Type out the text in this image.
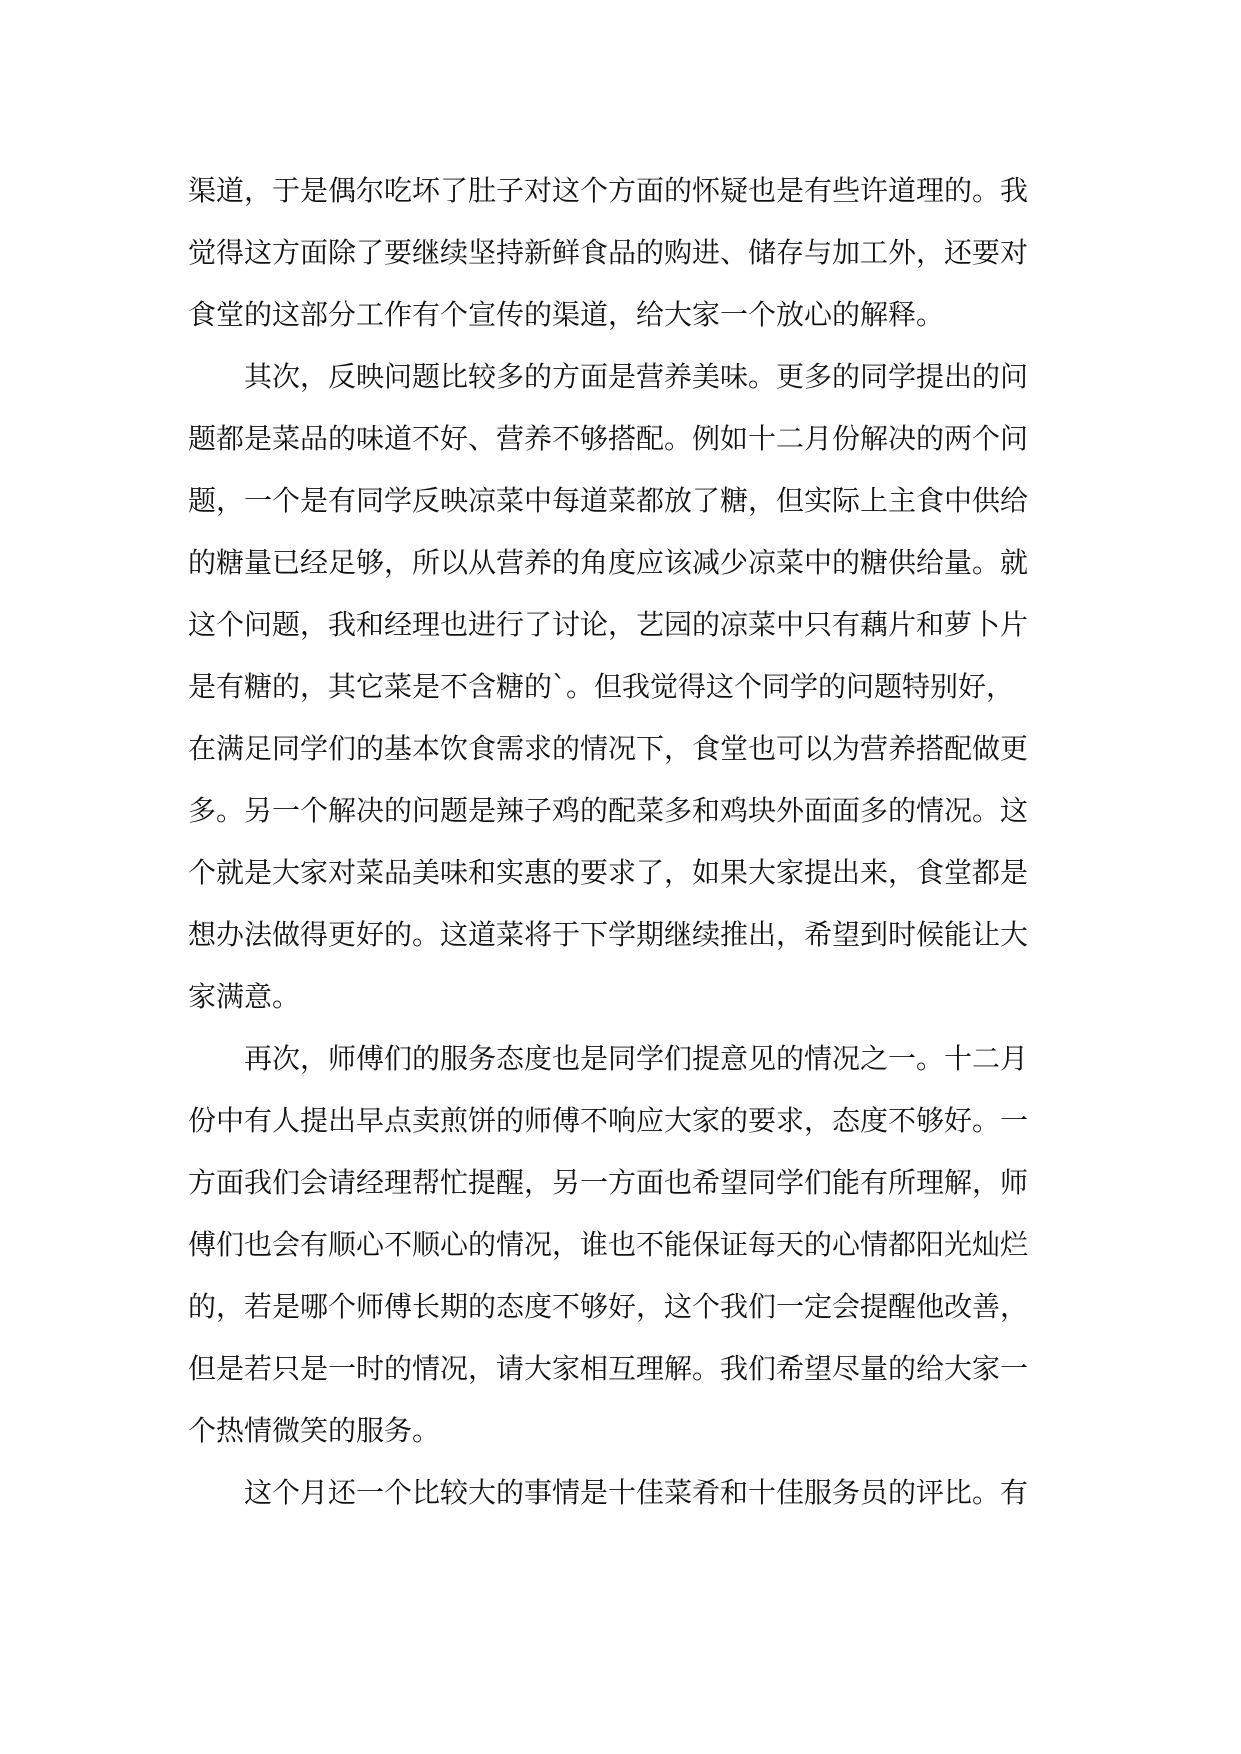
渠道，于是偶尔吃坏了肚子对这个方面的怀疑也是有些许道理的。我
觉得这方面除了要继续坚持新鲜食品的购进、储存与加工外，还要对
食堂的这部分工作有个宣传的渠道，给大家一个放心的解释。
　　其次，反映问题比较多的方面是营养美味。更多的同学提出的问
题都是菜品的味道不好、营养不够搭配。例如十二月份解决的两个问
题，一个是有同学反映凉菜中每道菜都放了糖，但实际上主食中供给
的糖量已经足够，所以从营养的角度应该减少凉菜中的糖供给量。就
这个问题，我和经理也进行了讨论，艺园的凉菜中只有藕片和萝卜片
是有糖的，其它菜是不含糖的`。但我觉得这个同学的问题特别好，
在满足同学们的基本饮食需求的情况下，食堂也可以为营养搭配做更
多。另一个解决的问题是辣子鸡的配菜多和鸡块外面面多的情况。这
个就是大家对菜品美味和实惠的要求了，如果大家提出来，食堂都是
想办法做得更好的。这道菜将于下学期继续推出，希望到时候能让大
家满意。
　　再次，师傅们的服务态度也是同学们提意见的情况之一。十二月
份中有人提出早点卖煎饼的师傅不响应大家的要求，态度不够好。一
方面我们会请经理帮忙提醒，另一方面也希望同学们能有所理解，师
傅们也会有顺心不顺心的情况，谁也不能保证每天的心情都阳光灿烂
的，若是哪个师傅长期的态度不够好，这个我们一定会提醒他改善，
但是若只是一时的情况，请大家相互理解。我们希望尽量的给大家一
个热情微笑的服务。
　　这个月还一个比较大的事情是十佳菜肴和十佳服务员的评比。有
